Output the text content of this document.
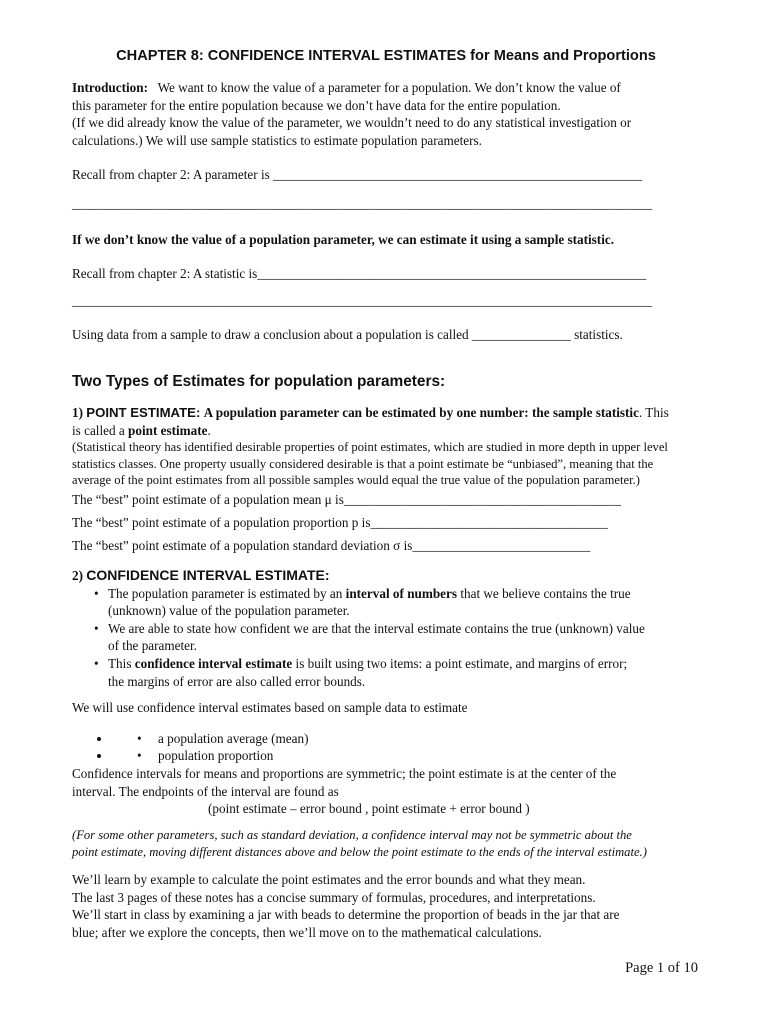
CHAPTER 8: CONFIDENCE INTERVAL ESTIMATES for Means and Proportions
Introduction: We want to know the value of a parameter for a population. We don’t know the value of
this parameter for the entire population because we don’t have data for the entire population.
(If we did already know the value of the parameter, we wouldn’t need to do any statistical investigation or
calculations.) We will use sample statistics to estimate population parameters.
Recall from chapter 2: A parameter is ________________________________________________________
________________________________________________________________________________________
If we don’t know the value of a population parameter, we can estimate it using a sample statistic.
Recall from chapter 2: A statistic is___________________________________________________________
________________________________________________________________________________________
Using data from a sample to draw a conclusion about a population is called _______________ statistics.
Two Types of Estimates for population parameters:
1) POINT ESTIMATE: A population parameter can be estimated by one number: the sample statistic. This
is called a point estimate.
(Statistical theory has identified desirable properties of point estimates, which are studied in more depth in upper level
statistics classes. One property usually considered desirable is that a point estimate be “unbiased”, meaning that the
average of the point estimates from all possible samples would equal the true value of the population parameter.)
The “best” point estimate of a population mean μ is__________________________________________
The “best” point estimate of a population proportion p is____________________________________
The “best” point estimate of a population standard deviation σ is___________________________
2) CONFIDENCE INTERVAL ESTIMATE:
• The population parameter is estimated by an interval of numbers that we believe contains the true
(unknown) value of the population parameter.
• We are able to state how confident we are that the interval estimate contains the true (unknown) value
of the parameter.
• This confidence interval estimate is built using two items: a point estimate, and margins of error;
the margins of error are also called error bounds.
We will use confidence interval estimates based on sample data to estimate
• • a population average (mean)
• • population proportion
Confidence intervals for means and proportions are symmetric; the point estimate is at the center of the
interval. The endpoints of the interval are found as
(point estimate – error bound , point estimate + error bound )
(For some other parameters, such as standard deviation, a confidence interval may not be symmetric about the
point estimate, moving different distances above and below the point estimate to the ends of the interval estimate.)
We’ll learn by example to calculate the point estimates and the error bounds and what they mean.
The last 3 pages of these notes has a concise summary of formulas, procedures, and interpretations.
We’ll start in class by examining a jar with beads to determine the proportion of beads in the jar that are
blue; after we explore the concepts, then we’ll move on to the mathematical calculations.
Page 1 of 10
